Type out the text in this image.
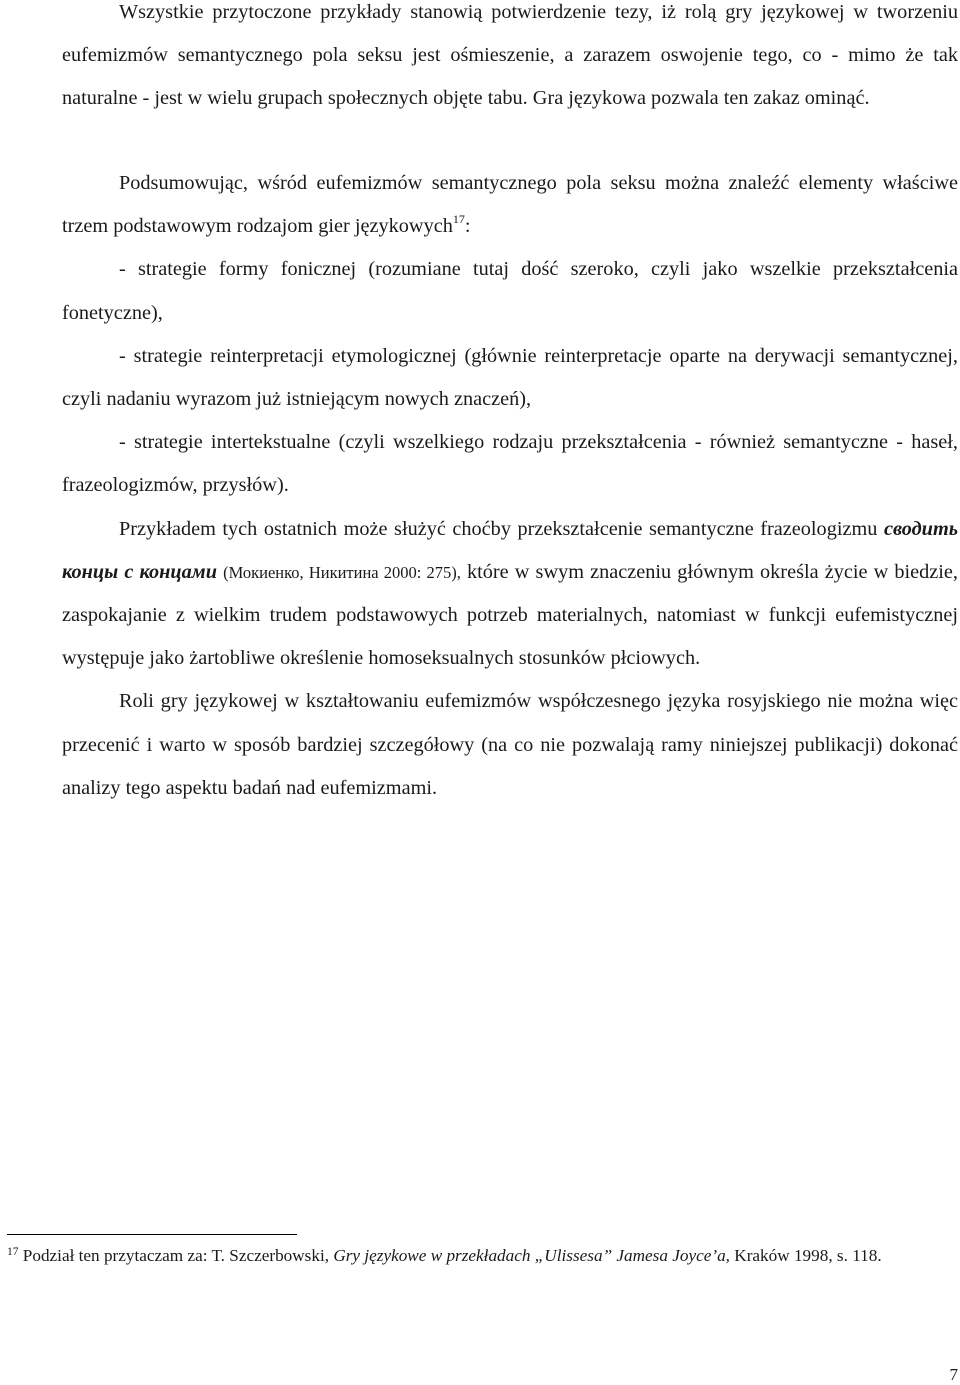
Wszystkie przytoczone przykłady stanowią potwierdzenie tezy, iż rolą gry językowej w tworzeniu eufemizmów semantycznego pola seksu jest ośmieszenie, a zarazem oswojenie tego, co - mimo że tak naturalne - jest w wielu grupach społecznych objęte tabu. Gra językowa pozwala ten zakaz ominąć.

Podsumowując, wśród eufemizmów semantycznego pola seksu można znaleźć elementy właściwe trzem podstawowym rodzajom gier językowych$^{17}$:

- strategie formy fonicznej (rozumiane tutaj dość szeroko, czyli jako wszelkie przekształcenia fonetyczne),

- strategie reinterpretacji etymologicznej (głównie reinterpretacje oparte na derywacji semantycznej, czyli nadaniu wyrazom już istniejącym nowych znaczeń),

- strategie intertekstualne (czyli wszelkiego rodzaju przekształcenia - również semantyczne - haseł, frazeologizmów, przysłów).

Przykładem tych ostatnich może służyć choćby przekształcenie semantyczne frazeologizmu сводить концы с концами (Мокиенко, Никитина 2000: 275), które w swym znaczeniu głównym określa życie w biedzie, zaspokajanie z wielkim trudem podstawowych potrzeb materialnych, natomiast w funkcji eufemistycznej występuje jako żartobliwe określenie homoseksualnych stosunków płciowych.

Roli gry językowej w kształtowaniu eufemizmów współczesnego języka rosyjskiego nie można więc przecenić i warto w sposób bardziej szczegółowy (na co nie pozwalają ramy niniejszej publikacji) dokonać analizy tego aspektu badań nad eufemizmami.

$^{17}$ Podział ten przytaczam za: T. Szczerbowski, Gry językowe w przekładach „Ulissesa” Jamesa Joyce’a, Kraków 1998, s. 118.

7
